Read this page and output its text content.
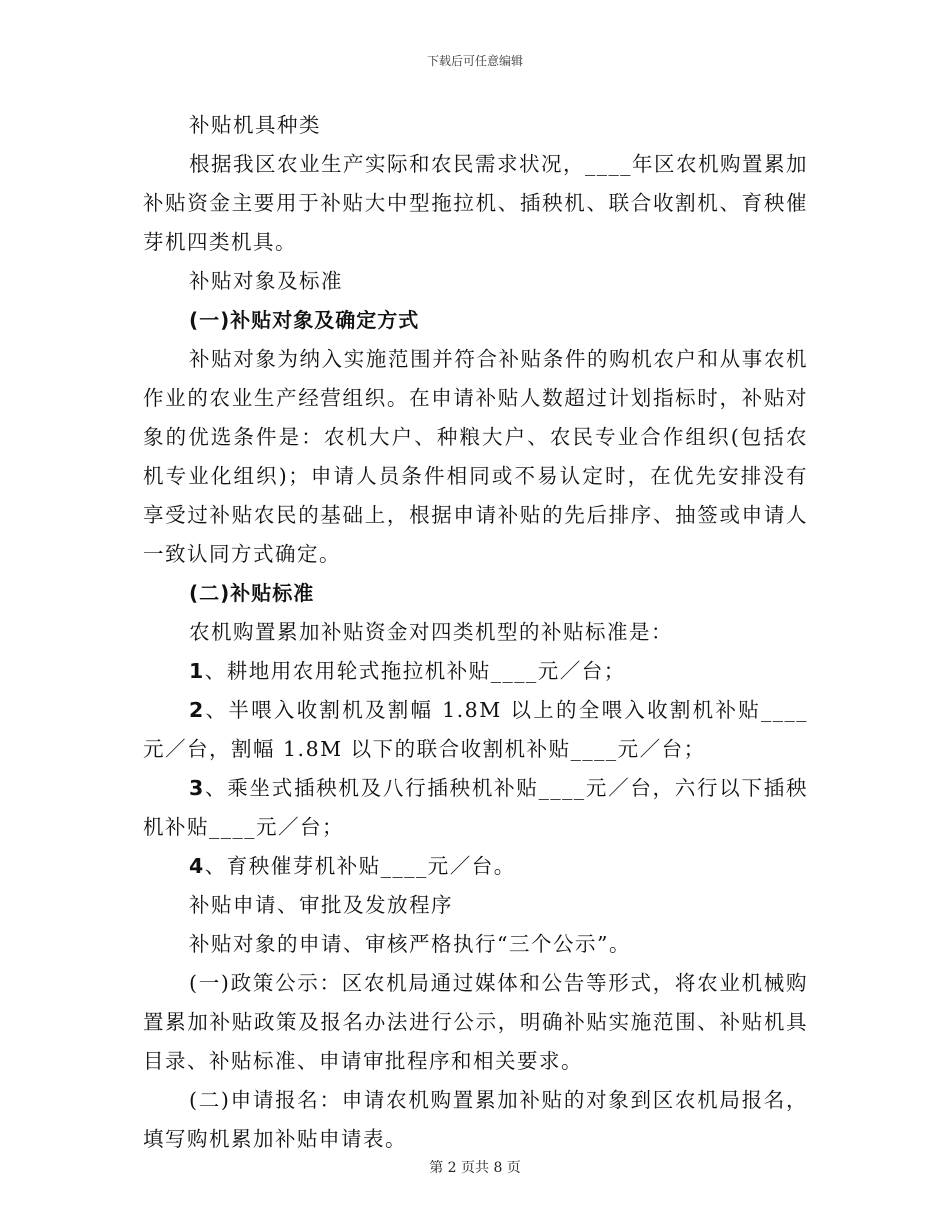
下载后可任意编辑

补贴机具种类

根据我区农业生产实际和农民需求状况，____年区农机购置累加补贴资金主要用于补贴大中型拖拉机、插秧机、联合收割机、育秧催芽机四类机具。

补贴对象及标准

(一)补贴对象及确定方式

补贴对象为纳入实施范围并符合补贴条件的购机农户和从事农机作业的农业生产经营组织。在申请补贴人数超过计划指标时，补贴对象的优选条件是：农机大户、种粮大户、农民专业合作组织(包括农机专业化组织)；申请人员条件相同或不易认定时，在优先安排没有享受过补贴农民的基础上，根据申请补贴的先后排序、抽签或申请人一致认同方式确定。

(二)补贴标准

农机购置累加补贴资金对四类机型的补贴标准是：

1、耕地用农用轮式拖拉机补贴____元／台；

2、半喂入收割机及割幅 1.8M 以上的全喂入收割机补贴____元／台，割幅 1.8M 以下的联合收割机补贴____元／台；

3、乘坐式插秧机及八行插秧机补贴____元／台，六行以下插秧机补贴____元／台；

4、育秧催芽机补贴____元／台。

补贴申请、审批及发放程序

补贴对象的申请、审核严格执行“三个公示”。

(一)政策公示：区农机局通过媒体和公告等形式，将农业机械购置累加补贴政策及报名办法进行公示，明确补贴实施范围、补贴机具目录、补贴标准、申请审批程序和相关要求。

(二)申请报名：申请农机购置累加补贴的对象到区农机局报名，填写购机累加补贴申请表。

第 2 页共 8 页
